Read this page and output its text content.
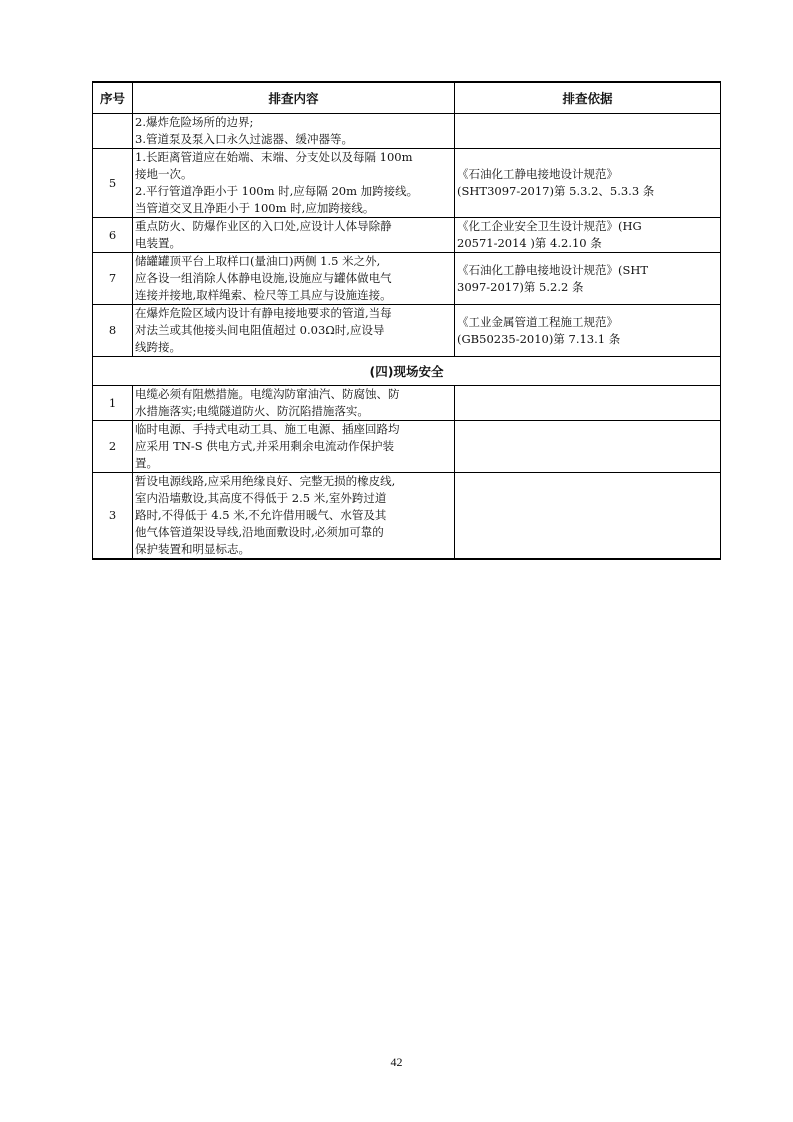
序号	排查内容	排查依据

	2.爆炸危险场所的边界;
3.管道泵及泵入口永久过滤器、缓冲器等。	

5	1.长距离管道应在始端、末端、分支处以及每隔 100m
接地一次。
2.平行管道净距小于 100m 时,应每隔 20m 加跨接线。
当管道交叉且净距小于 100m 时,应加跨接线。	《石油化工静电接地设计规范》
(SHT3097-2017)第 5.3.2、5.3.3 条

6	重点防火、防爆作业区的入口处,应设计人体导除静
电装置。	《化工企业安全卫生设计规范》(HG
20571-2014 )第 4.2.10 条

7	储罐罐顶平台上取样口(量油口)两侧 1.5 米之外,
应各设一组消除人体静电设施,设施应与罐体做电气
连接并接地,取样绳索、检尺等工具应与设施连接。	《石油化工静电接地设计规范》(SHT
3097-2017)第 5.2.2 条

8	在爆炸危险区域内设计有静电接地要求的管道,当每
对法兰或其他接头间电阻值超过 0.03Ω时,应设导
线跨接。	《工业金属管道工程施工规范》
(GB50235-2010)第 7.13.1 条

(四)现场安全		
1	电缆必须有阻燃措施。电缆沟防窜油汽、防腐蚀、防
水措施落实;电缆隧道防火、防沉陷措施落实。	

2	临时电源、手持式电动工具、施工电源、插座回路均
应采用 TN-S 供电方式,并采用剩余电流动作保护装
置。	

3	暂设电源线路,应采用绝缘良好、完整无损的橡皮线,
室内沿墙敷设,其高度不得低于 2.5 米,室外跨过道
路时,不得低于 4.5 米,不允许借用暖气、水管及其
他气体管道架设导线,沿地面敷设时,必须加可靠的
保护装置和明显标志。	

42
